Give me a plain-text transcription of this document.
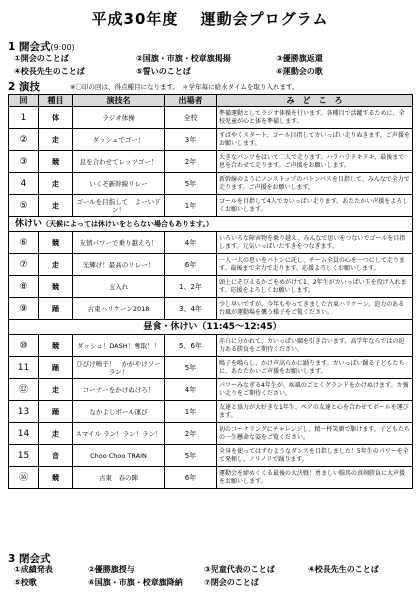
平成30年度　 運動会プログラム
1 開会式(9:00)
①開会のことば	②国旗・市旗・校章旗掲揚	③優勝旗返還
④校長先生のことば	⑤誓いのことば	⑥運動会の歌
2 演技	※〇印の回は、得点種目になります。　＊学年毎に給水タイムを取り入れます。
回	種目	演技名	出場者	み　ど　こ　ろ
1	体	ラジオ体操	全校	準備運動としてラジオ体操を行います。各種目で活躍するために、全校児童が心と体を準備します。
②	走	ダッシュでゴー！	3年	すばやくスタート、ゴール目指してカいっぱい走りぬきます。ご声援をお願いします。
③	競	息を合わせてレッツゴー！	2年	大きなパンツをはいて二人で走ります。ハラハラドキドキ、最後まで息を合わせて走ります。ご声援をお願いします。
4	走	いくぞ新幹線リレー	5年	新幹線のようにノンストップのバトンパスを目指して、みんなで全力で走ります。ご声援をお願いします。
⑤	走	ゴールを目指して　よーいドン！	1年	ゴールを目指して4人でカいっぱい走ります。あたたかい声援をよろしくお願いします。
休けい（天候によっては休けいをとらない場合もあります。）				
⑥	競	友情パワーで乗り越えろ！	4年	いろいろな障害物を乗り越え、みんなで思いをつないでゴールを目指します。元気いっぱいたすきをつなぎます。
⑦	走	光輝け！最高のリレー！	6年	一人一人の思いをバトンに託し、チーム全員の心を一つにして走ります。最後まで全力で走ります。応援よろしくお願いします。
⑧	競	玉入れ	1、2年	頭上にそびえるかごをめがけて1、2年生がカいっぱい玉を投げ入れます。応援をよろしくお願いします。
⑨	踊	古東ハリケーン2018	3、4年	少し早いですが、今年もやってきました古東ハリケーン。迫力のある台風が運動場を襲う様子をご覧ください。
昼食・休けい（11:45～12:45）				
⑩	競	ダッシュ！DASH！奪取！！	5、6年	赤白に分かれて、カいっぱい綱を引き合います。高学年ならではの迫力ある勝負をご期待ください。
11	踊	ひびけ鳴子！　かがやけソーラン！	5年	鳴子を鳴らし、かけ声高らかに踊ります。カいっぱい踊る子どもたちに、あたたかいご声援をお願いします。
⑫	走	コーナーをかけぬけろ！	4年	パワーみなぎる4年生が、疾風のごとくグランドをかけぬけます。カ強い走りをご期待ください。
13	踊	なかよしボール運び	1年	友達と協力が大好きな1年生、ペアの友達と心を合わせてボールを運びます。
14	走	スマイル ラン！ラン！ラン！	2年	初のコーナリングにチャレンジし、精一杯笑顔で駆けます。子どもたちの一生懸命な姿をご覧ください。
15	音	Choo Choo TRAIN	5年	全身を使ってはずむようなダンスを目指しました！5年生のパワーを全て発揮し、ノリノリで踊ります。
⑯	競	古東　春の陣	6年	運動会を締めくくる最後の大決戦！勇ましい騎馬の真剣勝負に大声援をお願いします。
3 閉会式
①成績発表	②優勝旗授与	③児童代表のことば	④校長先生のことば
⑤校歌	⑥国旗・市旗・校章旗降納	⑦閉会のことば
